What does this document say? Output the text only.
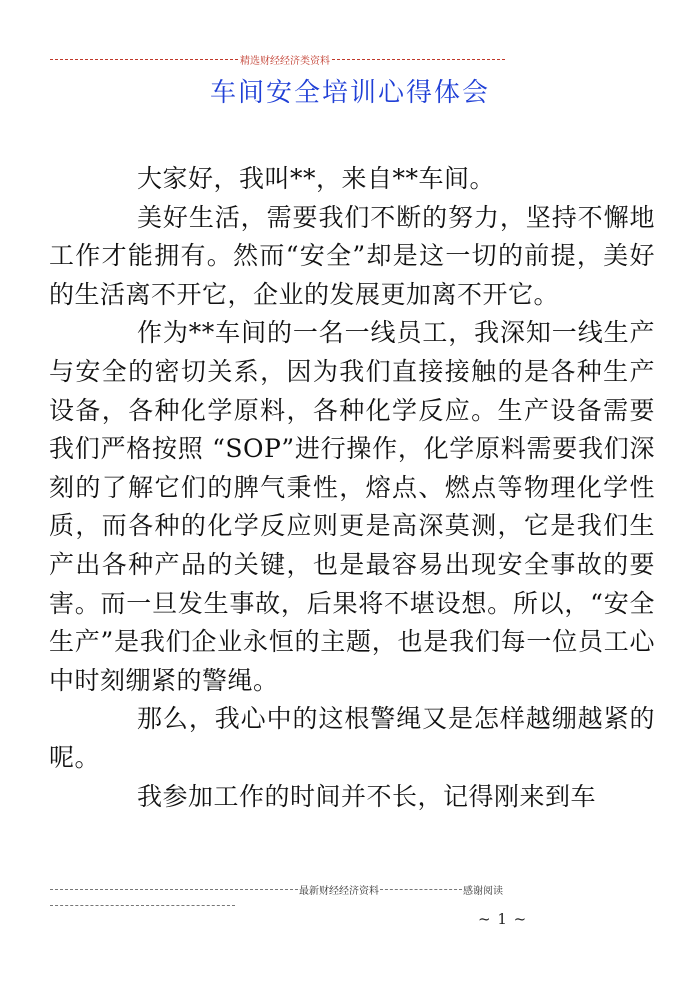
精选财经经济类资料
车间安全培训心得体会

大家好，我叫**，来自**车间。

美好生活，需要我们不断的努力，坚持不懈地工作才能拥有。然而“安全”却是这一切的前提，美好的生活离不开它，企业的发展更加离不开它。

作为**车间的一名一线员工，我深知一线生产与安全的密切关系，因为我们直接接触的是各种生产设备，各种化学原料，各种化学反应。生产设备需要我们严格按照 “SOP”进行操作，化学原料需要我们深刻的了解它们的脾气秉性，熔点、燃点等物理化学性质，而各种的化学反应则更是高深莫测，它是我们生产出各种产品的关键，也是最容易出现安全事故的要害。而一旦发生事故，后果将不堪设想。所以，“安全生产”是我们企业永恒的主题，也是我们每一位员工心中时刻绷紧的警绳。

那么，我心中的这根警绳又是怎样越绷越紧的呢。

我参加工作的时间并不长，记得刚来到车

最新财经经济资料	感谢阅读
~ 1 ~
